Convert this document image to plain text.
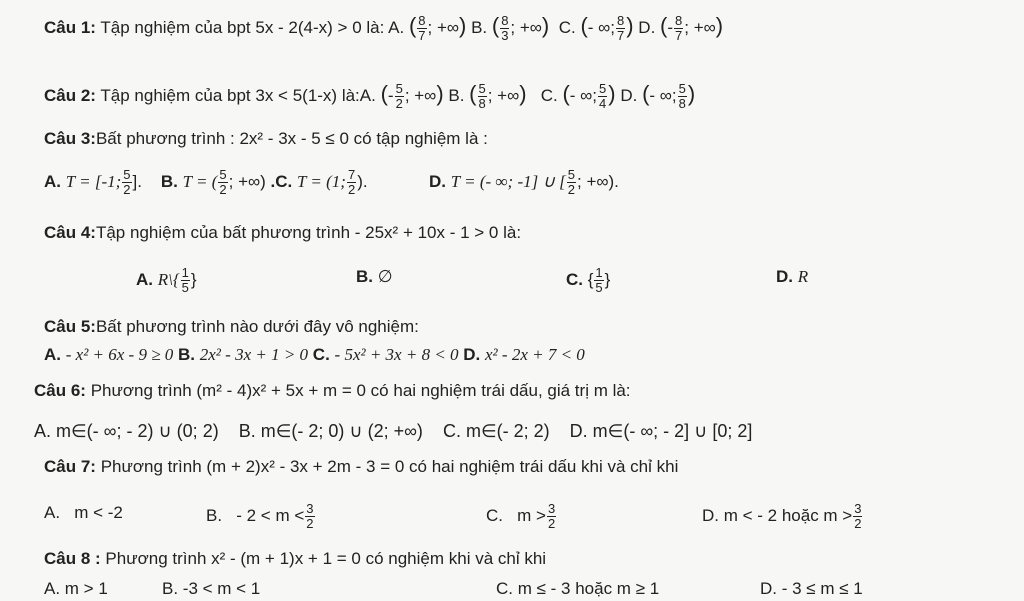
Câu 1: Tập nghiệm của bpt 5x - 2(4-x) > 0 là: A. ( $\frac{8}{7}$ ; +∞) B. ( $\frac{8}{3}$ ; +∞) C. (- ∞; $\frac{8}{7}$ ) D. (- $\frac{8}{7}$ ; +∞)
Câu 2: Tập nghiệm của bpt 3x < 5(1-x) là:A. (- $\frac{5}{2}$ ; +∞) B. ( $\frac{5}{8}$ ; +∞) C. (- ∞; $\frac{5}{4}$ ) D. (- ∞; $\frac{5}{8}$ )
Câu 3:Bất phương trình : 2x² - 3x - 5 ≤ 0 có tập nghiệm là :
A. T = [-1; $\frac{5}{2}$ ]. B. T = ( $\frac{5}{2}$ ; +∞) .C. T = (1; $\frac{7}{2}$ ).	D. T = (- ∞; -1] ∪ [ $\frac{5}{2}$ ; +∞).
Câu 4:Tập nghiệm của bất phương trình - 25x² + 10x - 1 > 0 là:
A. R\{ $\frac{1}{5}$ }	B. ∅	C. { $\frac{1}{5}$ }	D. R
Câu 5:Bất phương trình nào dưới đây vô nghiệm:
A. - x² + 6x - 9 ≥ 0 B. 2x² - 3x + 1 > 0 C. - 5x² + 3x + 8 < 0 D. x² - 2x + 7 < 0
Câu 6: Phương trình (m² - 4)x² + 5x + m = 0 có hai nghiệm trái dấu, giá trị m là:
A. m∈(- ∞; - 2) ∪ (0; 2) B. m∈(- 2; 0) ∪ (2; +∞) C. m∈(- 2; 2) D. m∈(- ∞; - 2] ∪ [0; 2]
Câu 7: Phương trình (m + 2)x² - 3x + 2m - 3 = 0 có hai nghiệm trái dấu khi và chỉ khi
A. m < -2	B. - $2 < m < \frac{3}{2}$	C. $m > \frac{3}{2}$	D. m < - 2 hoặc $m > \frac{3}{2}$
Câu 8 : Phương trình x² - (m + 1)x + 1 = 0 có nghiệm khi và chỉ khi
A. m > 1	B. -3 < m < 1	C. m ≤ - 3 hoặc m ≥ 1	D. - 3 ≤ m ≤ 1
